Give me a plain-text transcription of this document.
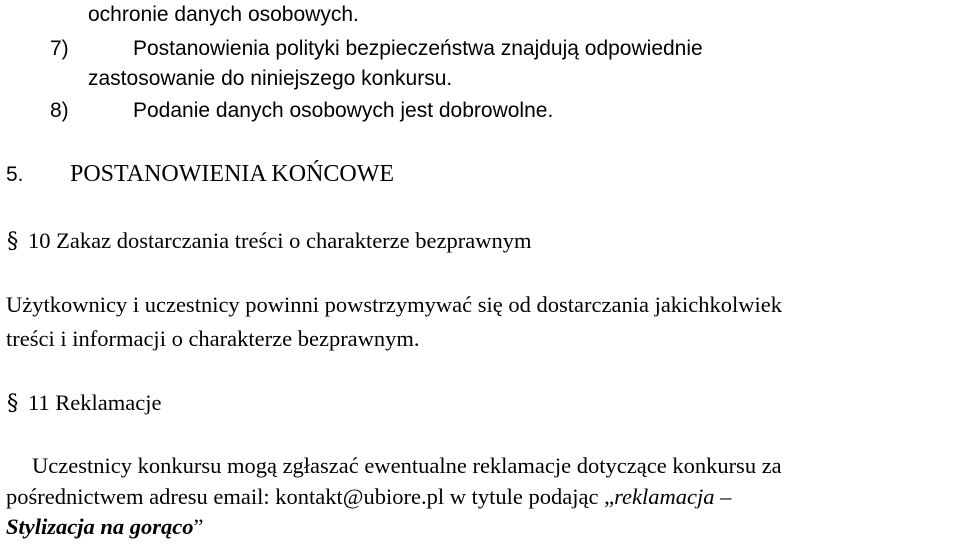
ochronie danych osobowych.
7)	Postanowienia polityki bezpieczeństwa znajdują odpowiednie
zastosowanie do niniejszego konkursu.
8)	Podanie danych osobowych jest dobrowolne.
5. POSTANOWIENIA KOŃCOWE
§ 10 Zakaz dostarczania treści o charakterze bezprawnym
Użytkownicy i uczestnicy powinni powstrzymywać się od dostarczania jakichkolwiek
treści i informacji o charakterze bezprawnym.
§ 11 Reklamacje
Uczestnicy konkursu mogą zgłaszać ewentualne reklamacje dotyczące konkursu za
pośrednictwem adresu email: kontakt@ubiore.pl w tytule podając „reklamacja –
Stylizacja na gorąco”
